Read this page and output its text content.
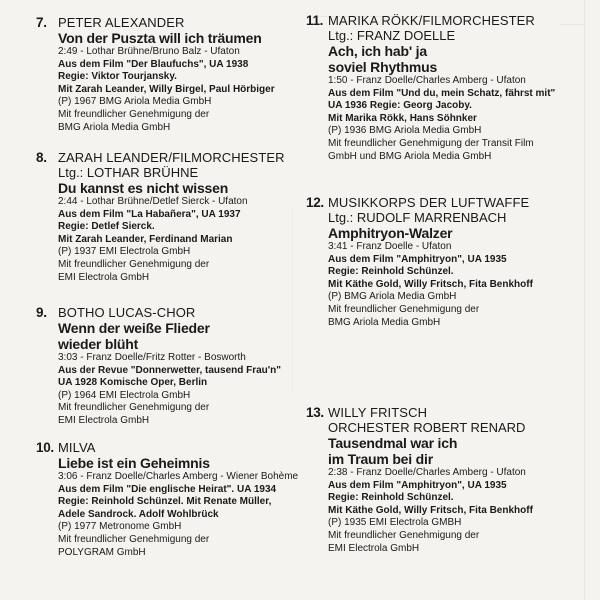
7. PETER ALEXANDER
Von der Puszta will ich träumen
2:49 - Lothar Brühne/Bruno Balz - Ufaton
Aus dem Film "Der Blaufuchs", UA 1938
Regie: Viktor Tourjansky.
Mit Zarah Leander, Willy Birgel, Paul Hörbiger
(P) 1967 BMG Ariola Media GmbH
Mit freundlicher Genehmigung der
BMG Ariola Media GmbH
8. ZARAH LEANDER/FILMORCHESTER
Ltg.: LOTHAR BRÜHNE
Du kannst es nicht wissen
2:44 - Lothar Brühne/Detlef Sierck - Ufaton
Aus dem Film "La Habañera", UA 1937
Regie: Detlef Sierck.
Mit Zarah Leander, Ferdinand Marian
(P) 1937 EMI Electrola GmbH
Mit freundlicher Genehmigung der
EMI Electrola GmbH
9. BOTHO LUCAS-CHOR
Wenn der weiße Flieder
wieder blüht
3:03 - Franz Doelle/Fritz Rotter - Bosworth
Aus der Revue "Donnerwetter, tausend Frau'n"
UA 1928 Komische Oper, Berlin
(P) 1964 EMI Electrola GmbH
Mit freundlicher Genehmigung der
EMI Electrola GmbH
10. MILVA
Liebe ist ein Geheimnis
3:06 - Franz Doelle/Charles Amberg - Wiener Bohème
Aus dem Film "Die englische Heirat". UA 1934
Regie: Reinhold Schünzel. Mit Renate Müller,
Adele Sandrock. Adolf Wohlbrück
(P) 1977 Metronome GmbH
Mit freundlicher Genehmigung der
POLYGRAM GmbH
11. MARIKA RÖKK/FILMORCHESTER
Ltg.: FRANZ DOELLE
Ach, ich hab' ja
soviel Rhythmus
1:50 - Franz Doelle/Charles Amberg - Ufaton
Aus dem Film "Und du, mein Schatz, fährst mit"
UA 1936 Regie: Georg Jacoby.
Mit Marika Rökk, Hans Söhnker
(P) 1936 BMG Ariola Media GmbH
Mit freundlicher Genehmigung der Transit Film
GmbH und BMG Ariola Media GmbH
12. MUSIKKORPS DER LUFTWAFFE
Ltg.: RUDOLF MARRENBACH
Amphitryon-Walzer
3:41 - Franz Doelle - Ufaton
Aus dem Film "Amphitryon", UA 1935
Regie: Reinhold Schünzel.
Mit Käthe Gold, Willy Fritsch, Fita Benkhoff
(P) BMG Ariola Media GmbH
Mit freundlicher Genehmigung der
BMG Ariola Media GmbH
13. WILLY FRITSCH
ORCHESTER ROBERT RENARD
Tausendmal war ich
im Traum bei dir
2:38 - Franz Doelle/Charles Amberg - Ufaton
Aus dem Film "Amphitryon", UA 1935
Regie: Reinhold Schünzel.
Mit Käthe Gold, Willy Fritsch, Fita Benkhoff
(P) 1935 EMI Electrola GMBH
Mit freundlicher Genehmigung der
EMI Electrola GmbH
